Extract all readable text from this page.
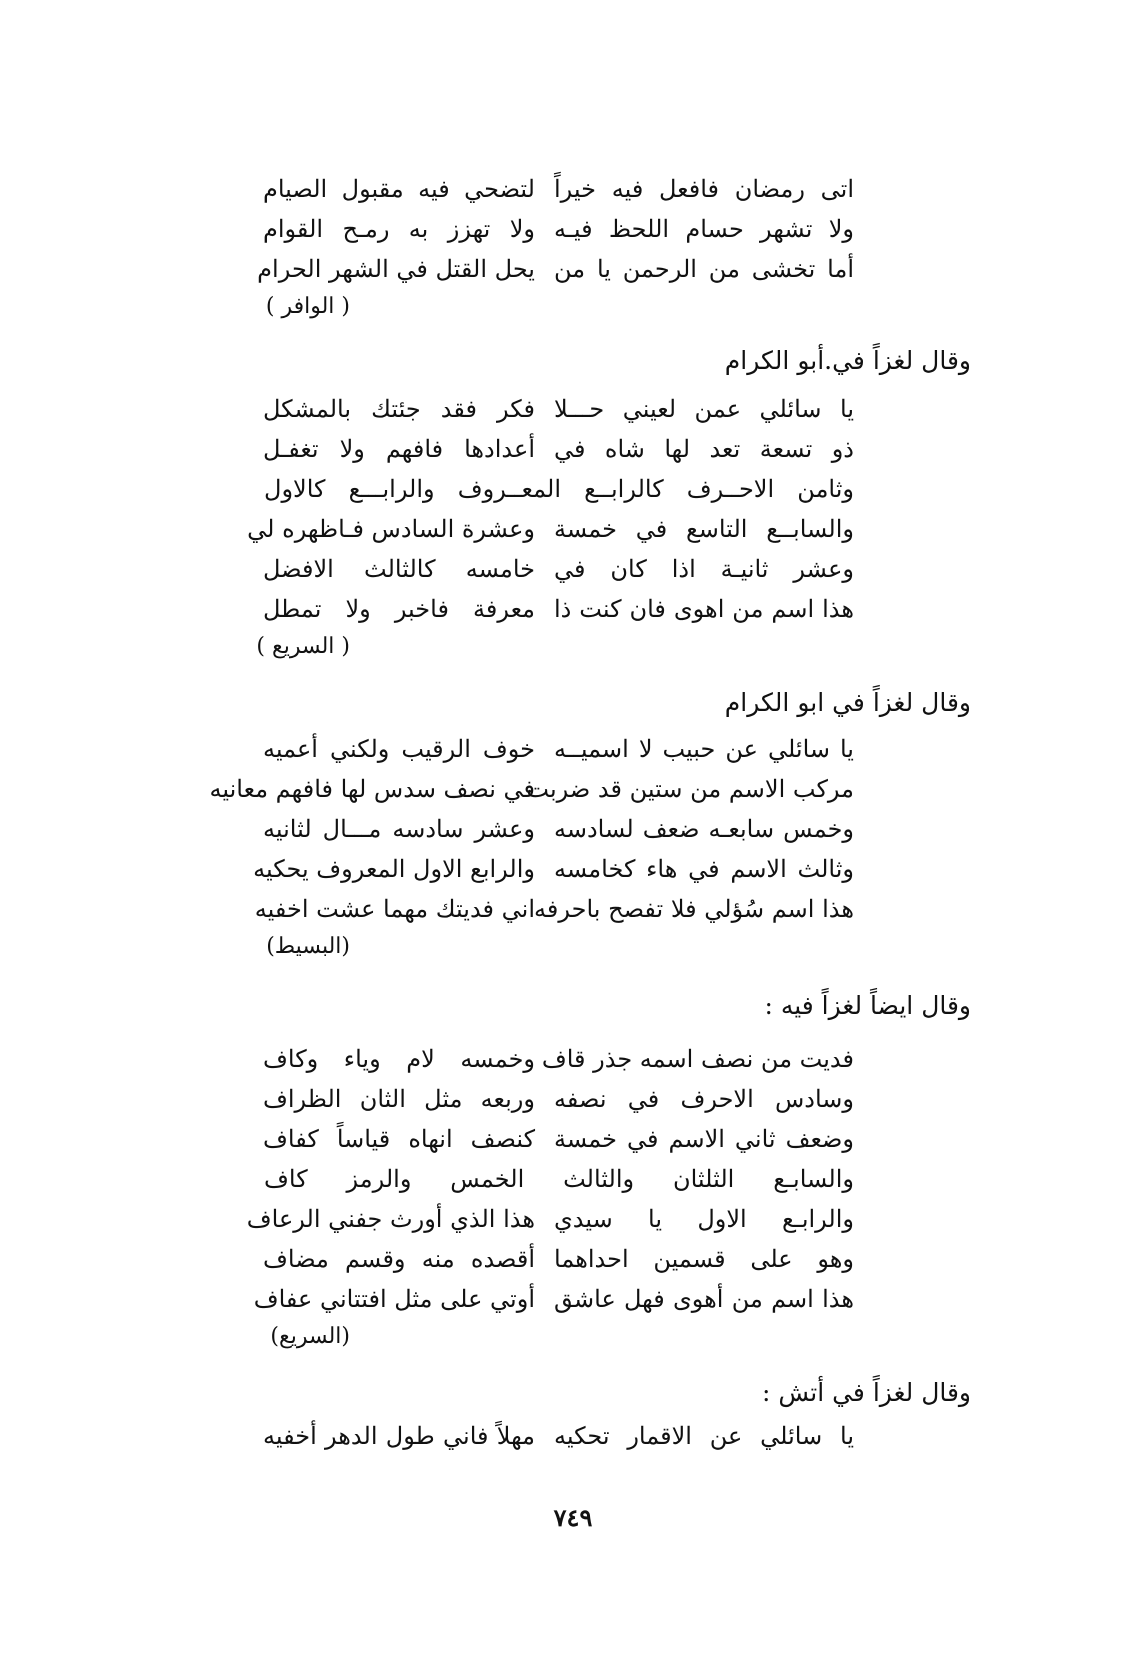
اتى رمضان فافعل فيه خيراً
لتضحي فيه مقبول الصيام
ولا تشهر حسام اللحظ فيـه
ولا تهزز به رمـح القوام
أما تخشى من الرحمن يا من
يحل القتل في الشهر الحرام
( الوافر )
وقال لغزاً في.أبو الكرام
يا سائلي عمن لعيني حـــلا
فكر فقد جئتك بالمشكل
ذو تسعة تعد لها شاه في
أعدادها فافهم ولا تغفـل
وثامن الاحــرف كالرابــع المعــروف والرابـــع كالاول
والسابــع التاسع في خمسة
وعشرة السادس فـاظهره لي
وعشر ثانيـة اذا كان في
خامسه كالثالث الافضل
هذا اسم من اهوى فان كنت ذا
معرفة فاخبر ولا تمطل
( السريع )
وقال لغزاً في ابو الكرام
يا سائلي عن حبيب لا اسميــه
خوف الرقيب ولكني أعميه
مركب الاسم من ستين قد ضربت
في نصف سدس لها فافهم معانيه
وخمس سابعـه ضعف لسادسه
وعشر سادسه مـــال لثانيه
وثالث الاسم في هاء كخامسه
والرابع الاول المعروف يحكيه
هذا اسم سُؤلي فلا تفصح باحرفه
اني فديتك مهما عشت اخفيه
(البسيط)
وقال ايضاً لغزاً فيه :
فديت من نصف اسمه جذر قاف
وخمسه لام وياء وكاف
وسادس الاحرف في نصفه
وربعه مثل الثان الظراف
وضعف ثاني الاسم في خمسة
كنصف انهاه قياساً كفاف
والسابـع الثلثان والثالث الخمس والرمز كاف
والرابـع الاول يا سيدي
هذا الذي أورث جفني الرعاف
وهو على قسمين احداهما
أقصده منه وقسم مضاف
هذا اسم من أهوى فهل عاشق
أوتي على مثل افتتاني عفاف
(السريع)
وقال لغزاً في أتش :
يا سائلي عن الاقمار تحكيه
مهلاً فاني طول الدهر أخفيه
٧٤٩
